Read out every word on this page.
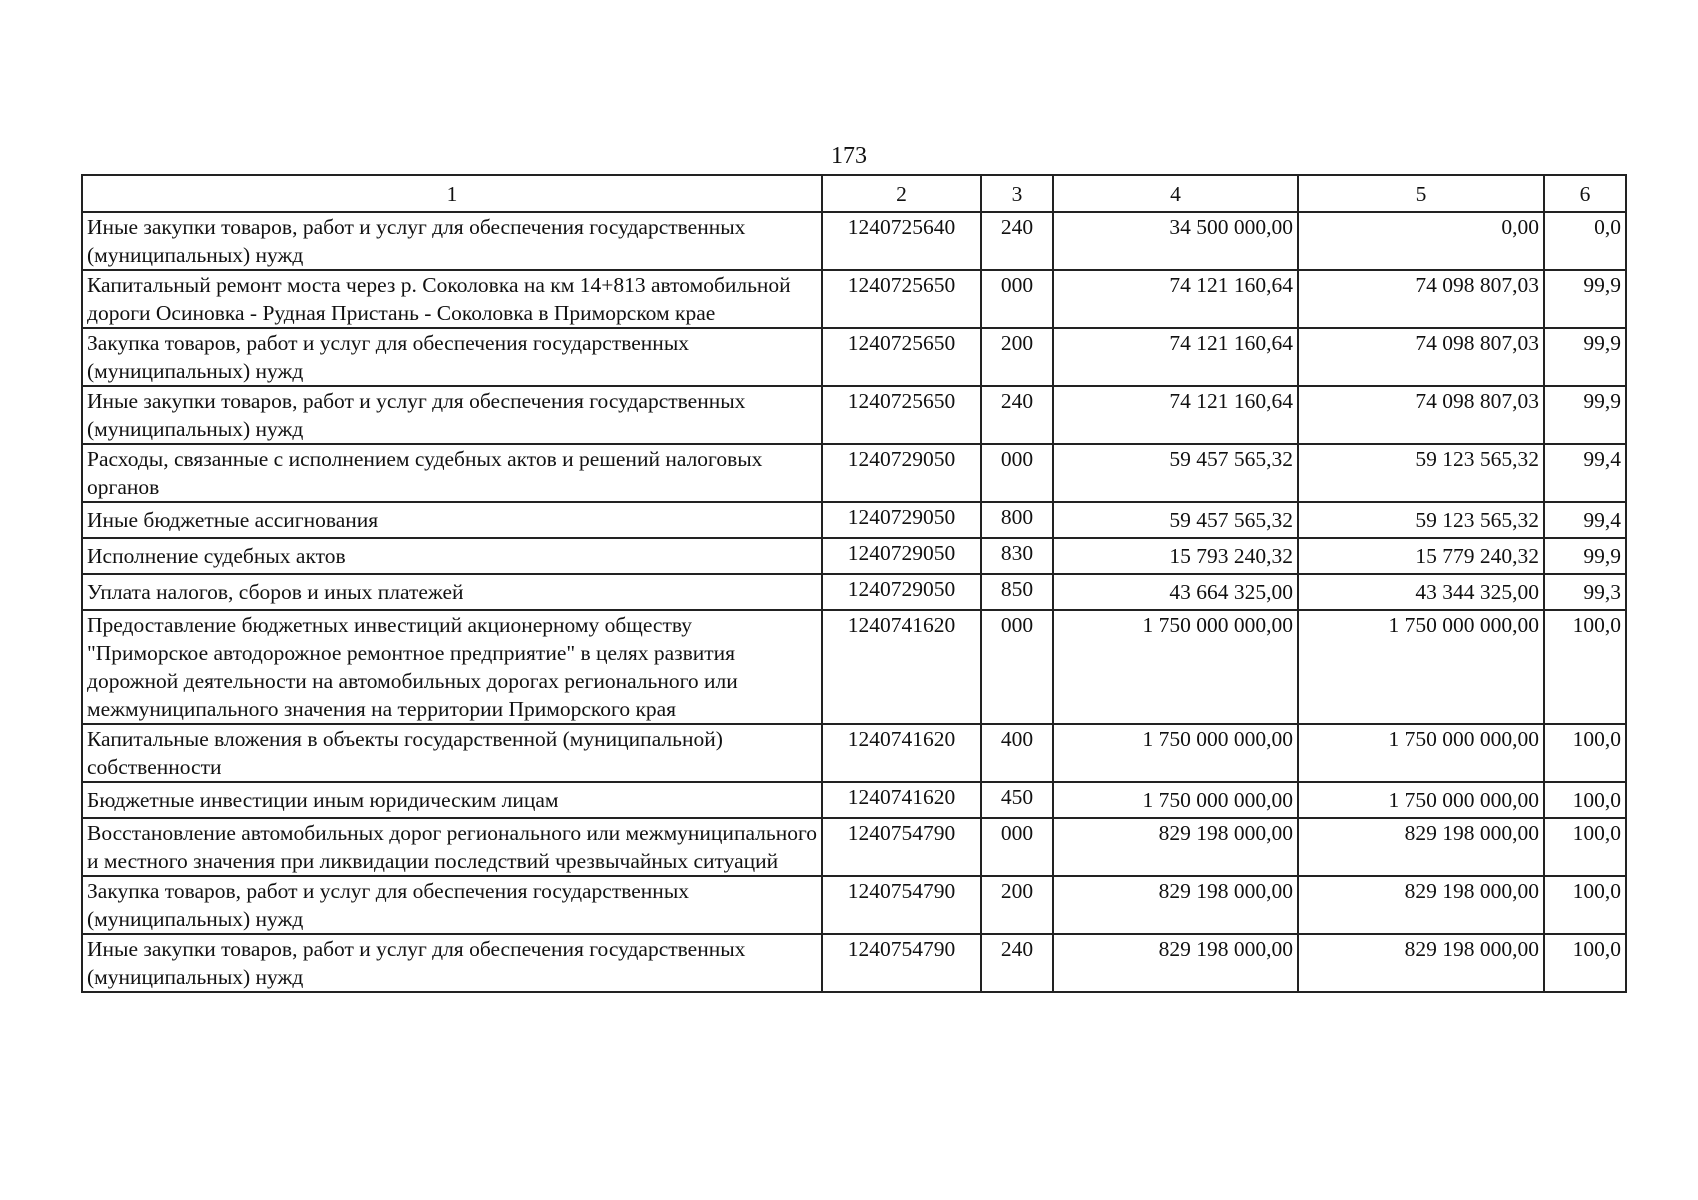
173
1	2	3	4	5	6
Иные закупки товаров, работ и услуг для обеспечения государственных (муниципальных) нужд	1240725640	240	34 500 000,00	0,00	0,0
Капитальный ремонт моста через р. Соколовка на км 14+813 автомобильной дороги Осиновка - Рудная Пристань - Соколовка в Приморском крае	1240725650	000	74 121 160,64	74 098 807,03	99,9
Закупка товаров, работ и услуг для обеспечения государственных (муниципальных) нужд	1240725650	200	74 121 160,64	74 098 807,03	99,9
Иные закупки товаров, работ и услуг для обеспечения государственных (муниципальных) нужд	1240725650	240	74 121 160,64	74 098 807,03	99,9
Расходы, связанные с исполнением судебных актов и решений налоговых органов	1240729050	000	59 457 565,32	59 123 565,32	99,4
Иные бюджетные ассигнования	1240729050	800	59 457 565,32	59 123 565,32	99,4
Исполнение судебных актов	1240729050	830	15 793 240,32	15 779 240,32	99,9
Уплата налогов, сборов и иных платежей	1240729050	850	43 664 325,00	43 344 325,00	99,3
Предоставление бюджетных инвестиций акционерному обществу "Приморское автодорожное ремонтное предприятие" в целях развития дорожной деятельности на автомобильных дорогах регионального или межмуниципального значения на территории Приморского края	1240741620	000	1 750 000 000,00	1 750 000 000,00	100,0
Капитальные вложения в объекты государственной (муниципальной) собственности	1240741620	400	1 750 000 000,00	1 750 000 000,00	100,0
Бюджетные инвестиции иным юридическим лицам	1240741620	450	1 750 000 000,00	1 750 000 000,00	100,0
Восстановление автомобильных дорог регионального или межмуниципального и местного значения при ликвидации последствий чрезвычайных ситуаций	1240754790	000	829 198 000,00	829 198 000,00	100,0
Закупка товаров, работ и услуг для обеспечения государственных (муниципальных) нужд	1240754790	200	829 198 000,00	829 198 000,00	100,0
Иные закупки товаров, работ и услуг для обеспечения государственных (муниципальных) нужд	1240754790	240	829 198 000,00	829 198 000,00	100,0
